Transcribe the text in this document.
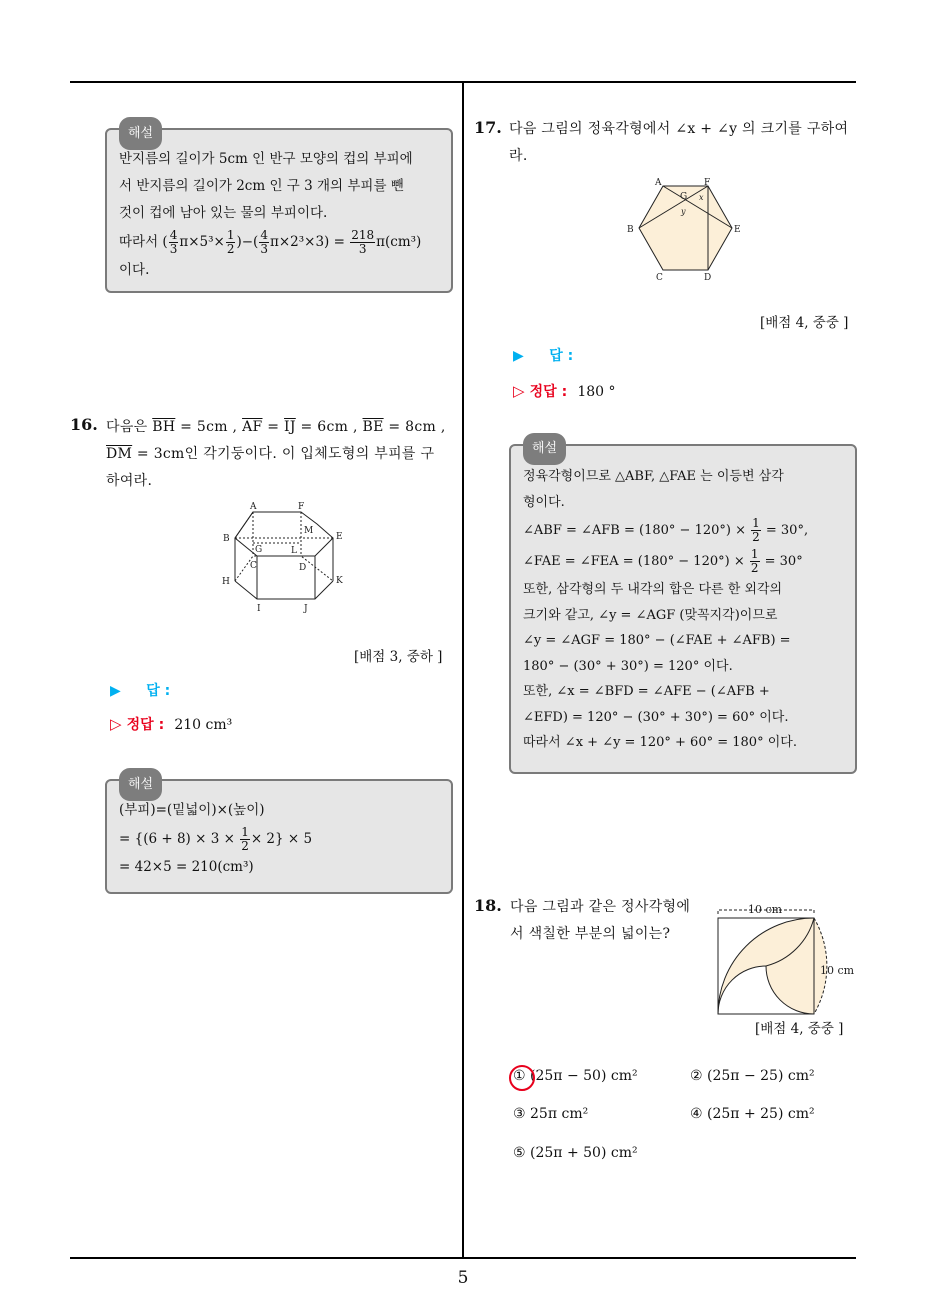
해설
반지름의 길이가 5cm 인 반구 모양의 컵의 부피에
서 반지름의 길이가 2cm 인 구 3 개의 부피를 뺀
것이 컵에 남아 있는 물의 부피이다.
따라서 ( $\frac{4}{3} \pi\times 5^3\times \frac{1}{2}$ )−( $\frac{4}{3} \pi\times 2^3\times 3) = \frac{218}{3} \pi(cm^3)$
이다.
16. 다음은 $\overline{BH} = 5cm$ , $\overline{AF} = \overline{IJ} = 6cm$ , $\overline{BE} = 8cm$ ,
$\overline{DM} = 3cm$인 각기둥이다. 이 입체도형의 부피를 구
하여라.
A	F
B
M
E
G	L
C	D
H	K
I	J
[배점 3, 중하 ]
▶ 답 :
▷ 정답 : 210 cm³
해설
(부피)=(밑넓이)×(높이)
= $\{(6 + 8) \times 3 \times \frac{1}{2} \times 2\} \times 5$
= 42×5 = 210(cm³)
17. 다음 그림의 정육각형에서 ∠x + ∠y 의 크기를 구하여
라.
A	F
G x
y
B	E
C	D
[배점 4, 중중 ]
▶ 답 :
▷ 정답 : 180 °
해설
정육각형이므로 △ABF, △FAE 는 이등변 삼각
형이다.
∠ABF = ∠AFB = $(180^\circ - 120^\circ) \times \frac{1}{2} = 30^\circ$,
∠FAE = ∠FEA = $(180^\circ - 120^\circ) \times \frac{1}{2} = 30^\circ$
또한, 삼각형의 두 내각의 합은 다른 한 외각의
크기와 같고, ∠y = ∠AGF (맞꼭지각)이므로
∠y = ∠AGF = 180° − (∠FAE + ∠AFB) =
180° − (30° + 30°) = 120° 이다.
또한, ∠x = ∠BFD = ∠AFE − (∠AFB +
∠EFD) = 120° − (30° + 30°) = 60° 이다.
따라서 ∠x + ∠y = 120° + 60° = 180° 이다.
18. 다음 그림과 같은 정사각형에
서 색칠한 부분의 넓이는?
10 cm
10 cm
[배점 4, 중중 ]
① (25π − 50) cm²	② (25π − 25) cm²
③ 25π cm²	④ (25π + 25) cm²
⑤ (25π + 50) cm²
5
